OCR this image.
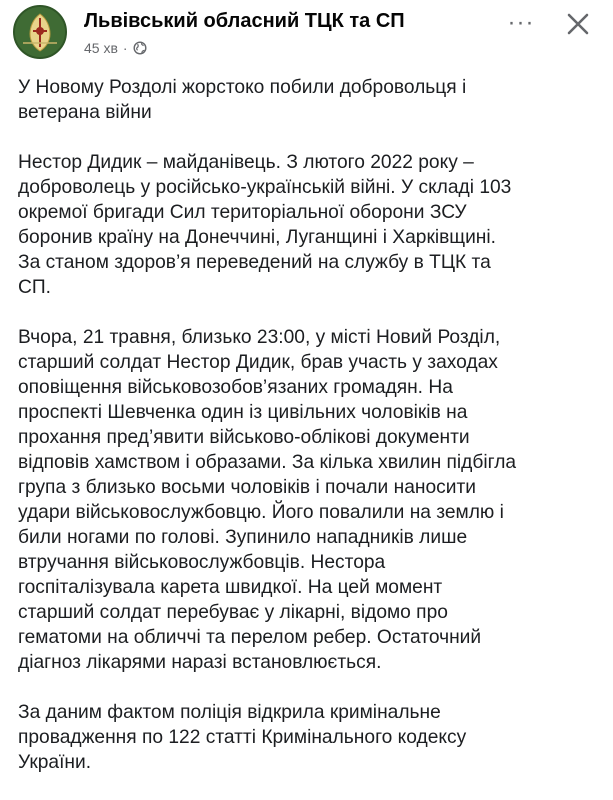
Львівський обласний ТЦК та СП
45 хв ·
···

У Новому Роздолі жорстоко побили добровольця і
ветерана війни

Нестор Дидик – майданівець. З лютого 2022 року –
доброволець у російсько-українській війні. У складі 103
окремої бригади Сил територіальної оборони ЗСУ
боронив країну на Донеччині, Луганщині і Харківщині.
За станом здоров’я переведений на службу в ТЦК та
СП.

Вчора, 21 травня, близько 23:00, у місті Новий Розділ,
старший солдат Нестор Дидик, брав участь у заходах
оповіщення військовозобов’язаних громадян. На
проспекті Шевченка один із цивільних чоловіків на
прохання пред’явити військово-облікові документи
відповів хамством і образами. За кілька хвилин підбігла
група з близько восьми чоловіків і почали наносити
удари військовослужбовцю. Його повалили на землю і
били ногами по голові. Зупинило нападників лише
втручання військовослужбовців. Нестора
госпіталізувала карета швидкої. На цей момент
старший солдат перебуває у лікарні, відомо про
гематоми на обличчі та перелом ребер. Остаточний
діагноз лікарями наразі встановлюється.

За даним фактом поліція відкрила кримінальне
провадження по 122 статті Кримінального кодексу
України.
